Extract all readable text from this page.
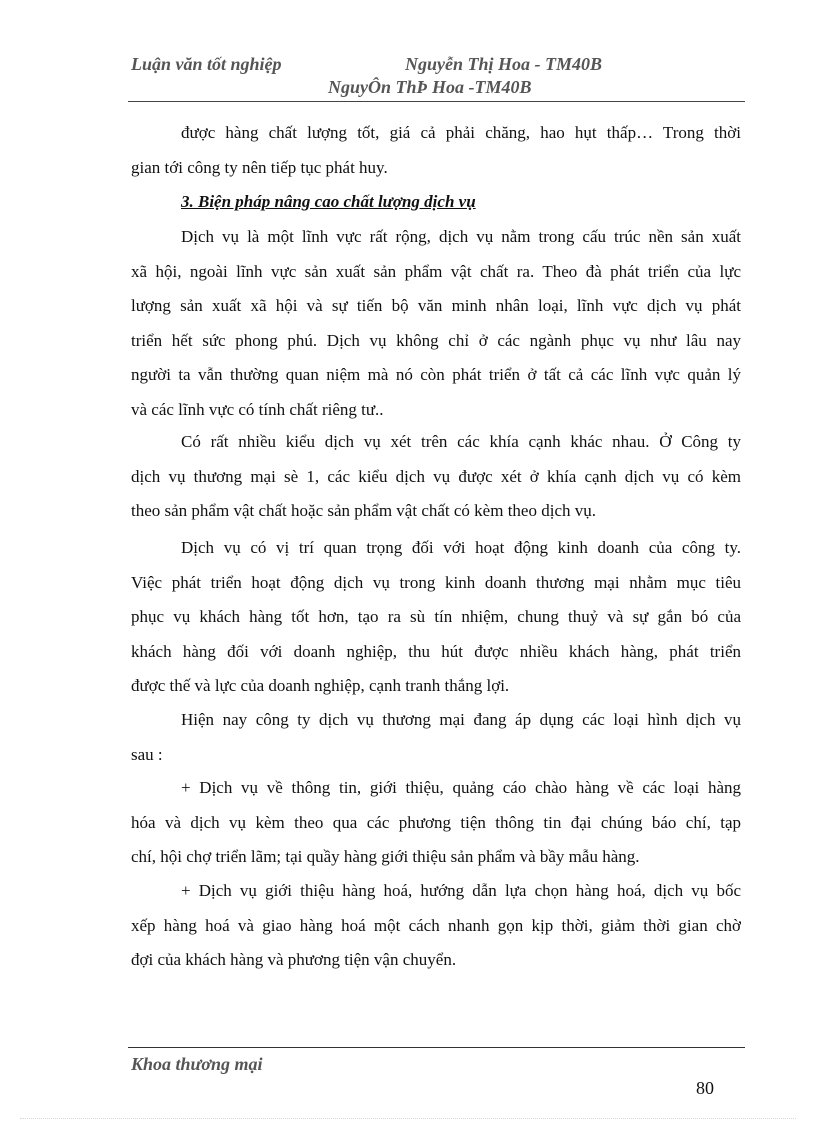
Luận văn tốt nghiệp	Nguyễn Thị Hoa - TM40B
NguyÔn ThÞ Hoa -TM40B
được hàng chất lượng tốt, giá cả phải chăng, hao hụt thấp… Trong thời
gian tới công ty nên tiếp tục phát huy.
3. Biện pháp nâng cao chất lượng dịch vụ
Dịch vụ là một lĩnh vực rất rộng, dịch vụ nằm trong cấu trúc nền sản xuất
xã hội, ngoài lĩnh vực sản xuất sản phẩm vật chất ra. Theo đà phát triển của lực
lượng sản xuất xã hội và sự tiến bộ văn minh nhân loại, lĩnh vực dịch vụ phát
triển hết sức phong phú. Dịch vụ không chỉ ở các ngành phục vụ như lâu nay
người ta vẫn thường quan niệm mà nó còn phát triển ở tất cả các lĩnh vực quản lý
và các lĩnh vực có tính chất riêng tư..
Có rất nhiều kiểu dịch vụ xét trên các khía cạnh khác nhau. Ở Công ty
dịch vụ thương mại sè 1, các kiểu dịch vụ được xét ở khía cạnh dịch vụ có kèm
theo sản phẩm vật chất hoặc sản phẩm vật chất có kèm theo dịch vụ.
Dịch vụ có vị trí quan trọng đối với hoạt động kinh doanh của công ty.
Việc phát triển hoạt động dịch vụ trong kinh doanh thương mại nhằm mục tiêu
phục vụ khách hàng tốt hơn, tạo ra sù tín nhiệm, chung thuỷ và sự gắn bó của
khách hàng đối với doanh nghiệp, thu hút được nhiều khách hàng, phát triển
được thế và lực của doanh nghiệp, cạnh tranh thắng lợi.
Hiện nay công ty dịch vụ thương mại đang áp dụng các loại hình dịch vụ
sau :
+ Dịch vụ về thông tin, giới thiệu, quảng cáo chào hàng về các loại hàng
hóa và dịch vụ kèm theo qua các phương tiện thông tin đại chúng báo chí, tạp
chí, hội chợ triển lãm; tại quầy hàng giới thiệu sản phẩm và bầy mẫu hàng.
+ Dịch vụ giới thiệu hàng hoá, hướng dẫn lựa chọn hàng hoá, dịch vụ bốc
xếp hàng hoá và giao hàng hoá một cách nhanh gọn kịp thời, giảm thời gian chờ
đợi của khách hàng và phương tiện vận chuyển.
Khoa thương mại
80
